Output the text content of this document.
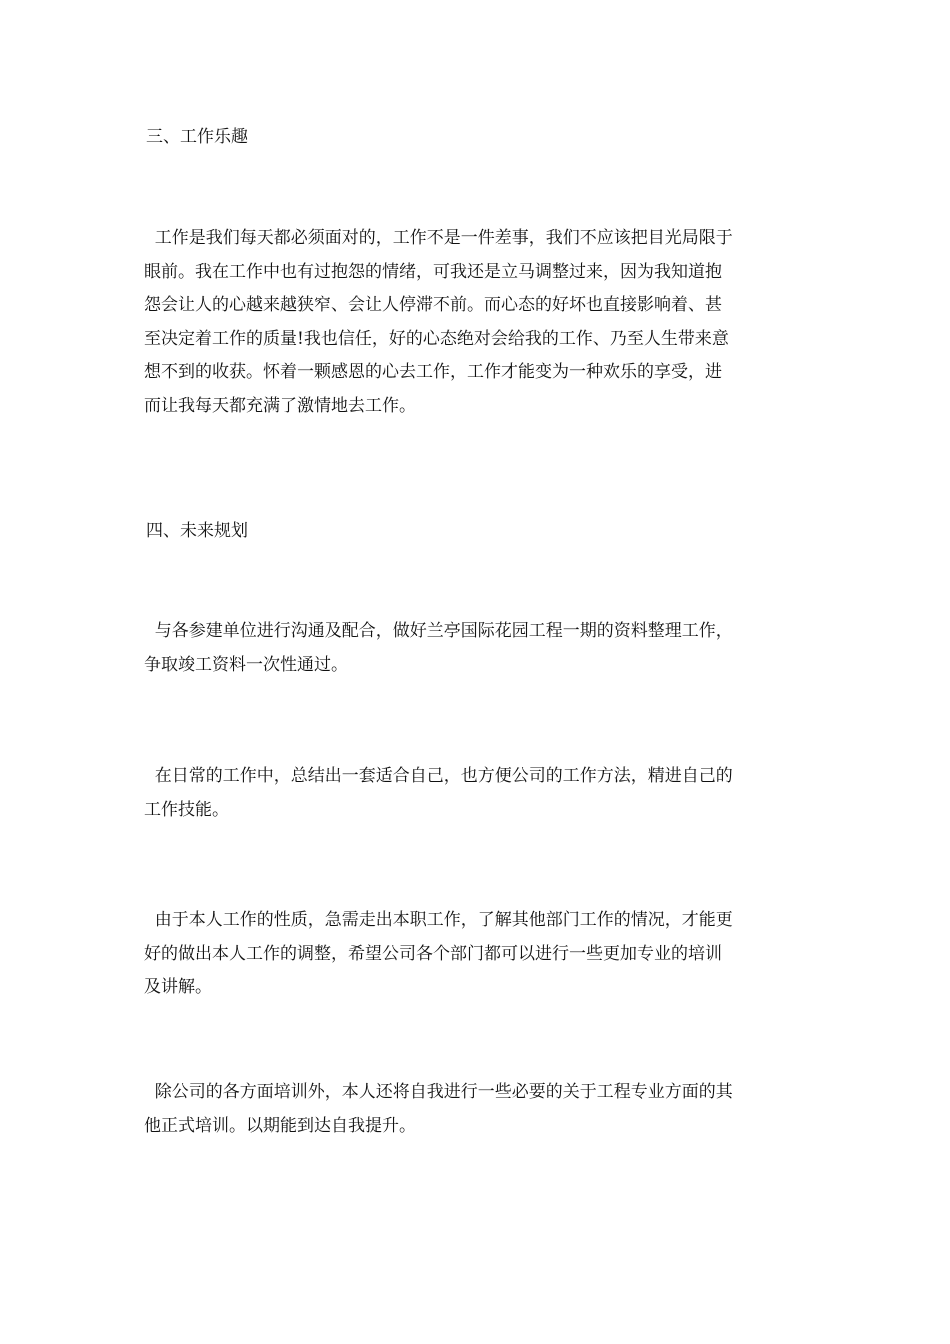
三、工作乐趣
工作是我们每天都必须面对的，工作不是一件差事，我们不应该把目光局限于
眼前。我在工作中也有过抱怨的情绪，可我还是立马调整过来，因为我知道抱
怨会让人的心越来越狭窄、会让人停滞不前。而心态的好坏也直接影响着、甚
至决定着工作的质量!我也信任，好的心态绝对会给我的工作、乃至人生带来意
想不到的收获。怀着一颗感恩的心去工作，工作才能变为一种欢乐的享受，进
而让我每天都充满了激情地去工作。
四、未来规划
与各参建单位进行沟通及配合，做好兰亭国际花园工程一期的资料整理工作，
争取竣工资料一次性通过。
在日常的工作中，总结出一套适合自己，也方便公司的工作方法，精进自己的
工作技能。
由于本人工作的性质，急需走出本职工作，了解其他部门工作的情况，才能更
好的做出本人工作的调整，希望公司各个部门都可以进行一些更加专业的培训
及讲解。
除公司的各方面培训外，本人还将自我进行一些必要的关于工程专业方面的其
他正式培训。以期能到达自我提升。
